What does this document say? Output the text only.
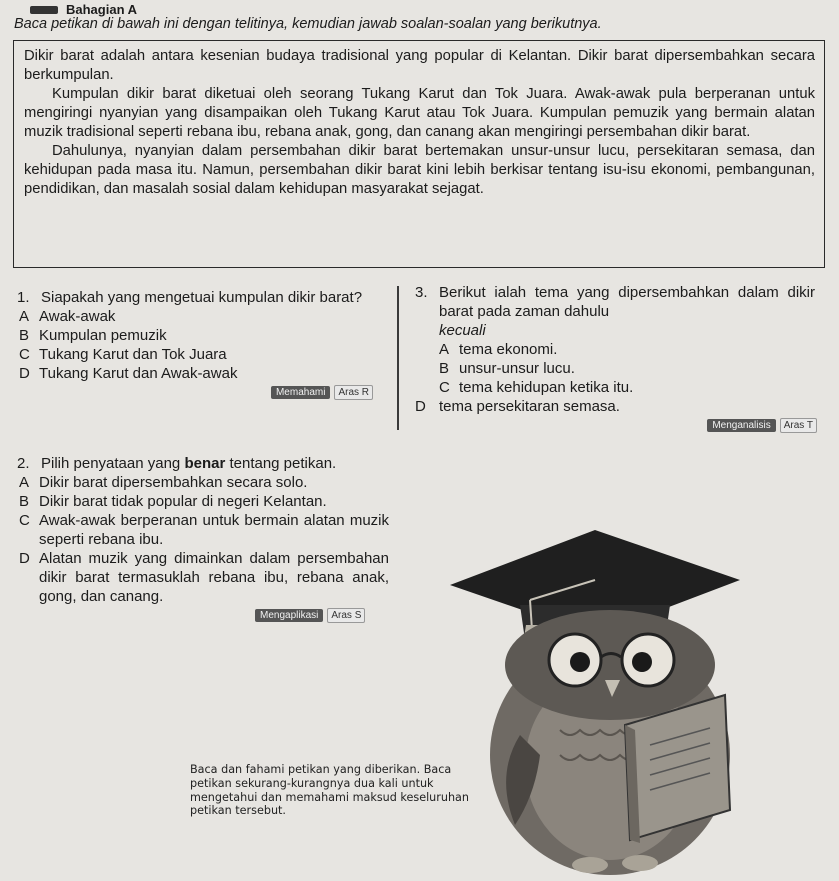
Bahagian A
Baca petikan di bawah ini dengan telitinya, kemudian jawab soalan-soalan yang berikutnya.

Dikir barat adalah antara kesenian budaya tradisional yang popular di Kelantan. Dikir barat dipersembahkan secara berkumpulan.

Kumpulan dikir barat diketuai oleh seorang Tukang Karut dan Tok Juara. Awak-awak pula berperanan untuk mengiringi nyanyian yang disampaikan oleh Tukang Karut atau Tok Juara. Kumpulan pemuzik yang bermain alatan muzik tradisional seperti rebana ibu, rebana anak, gong, dan canang akan mengiringi persembahan dikir barat.

Dahulunya, nyanyian dalam persembahan dikir barat bertemakan unsur-unsur lucu, persekitaran semasa, dan kehidupan pada masa itu. Namun, persembahan dikir barat kini lebih berkisar tentang isu-isu ekonomi, pembangunan, pendidikan, dan masalah sosial dalam kehidupan masyarakat sejagat.

1. Siapakah yang mengetuai kumpulan dikir barat?
A Awak-awak
B Kumpulan pemuzik
C Tukang Karut dan Tok Juara
D Tukang Karut dan Awak-awak
Memahami	Aras R
2. Pilih penyataan yang benar tentang petikan.
A Dikir barat dipersembahkan secara solo.
B Dikir barat tidak popular di negeri Kelantan.
C Awak-awak berperanan untuk bermain alatan muzik seperti rebana ibu.
D Alatan muzik yang dimainkan dalam persembahan dikir barat termasuklah rebana ibu, rebana anak, gong, dan canang.
Mengaplikasi	Aras S
3. Berikut ialah tema yang dipersembahkan dalam dikir barat pada zaman dahulu
kecuali
A tema ekonomi.
B unsur-unsur lucu.
C tema kehidupan ketika itu.
D tema persekitaran semasa.
Menganalisis	Aras T
Baca dan fahami petikan yang diberikan. Baca petikan sekurang-kurangnya dua kali untuk mengetahui dan memahami maksud keseluruhan petikan tersebut.
